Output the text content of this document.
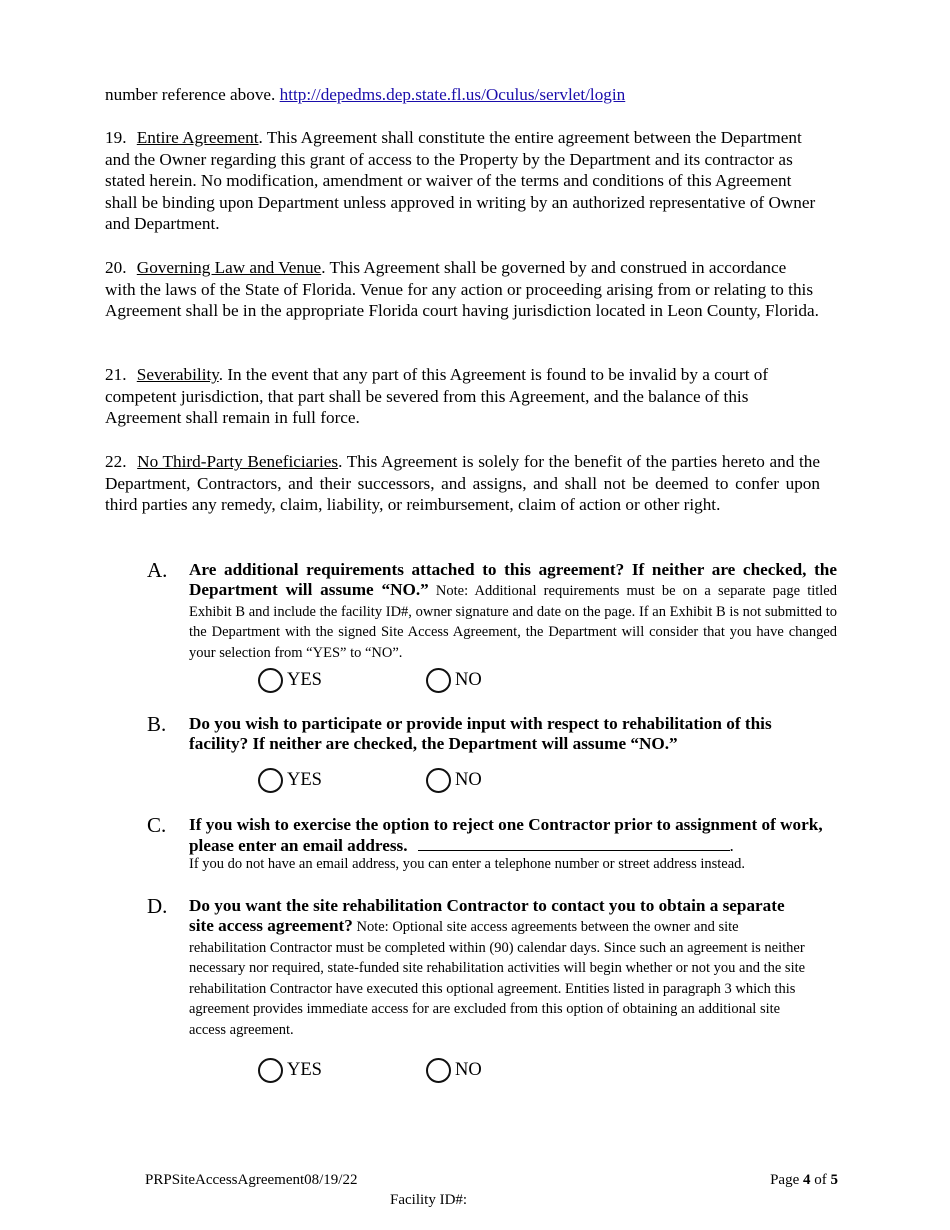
number reference above. http://depedms.dep.state.fl.us/Oculus/servlet/login
19. Entire Agreement. This Agreement shall constitute the entire agreement between the Department and the Owner regarding this grant of access to the Property by the Department and its contractor as stated herein. No modification, amendment or waiver of the terms and conditions of this Agreement shall be binding upon Department unless approved in writing by an authorized representative of Owner and Department.
20. Governing Law and Venue. This Agreement shall be governed by and construed in accordance with the laws of the State of Florida. Venue for any action or proceeding arising from or relating to this Agreement shall be in the appropriate Florida court having jurisdiction located in Leon County, Florida.
21. Severability. In the event that any part of this Agreement is found to be invalid by a court of competent jurisdiction, that part shall be severed from this Agreement, and the balance of this Agreement shall remain in full force.
22. No Third-Party Beneficiaries. This Agreement is solely for the benefit of the parties hereto and the Department, Contractors, and their successors, and assigns, and shall not be deemed to confer upon third parties any remedy, claim, liability, or reimbursement, claim of action or other right.
A. Are additional requirements attached to this agreement? If neither are checked, the Department will assume “NO.” Note: Additional requirements must be on a separate page titled Exhibit B and include the facility ID#, owner signature and date on the page. If an Exhibit B is not submitted to the Department with the signed Site Access Agreement, the Department will consider that you have changed your selection from “YES” to “NO”.
YES	NO
B. Do you wish to participate or provide input with respect to rehabilitation of this facility? If neither are checked, the Department will assume “NO.”
YES	NO
C. If you wish to exercise the option to reject one Contractor prior to assignment of work, please enter an email address.	.
If you do not have an email address, you can enter a telephone number or street address instead.
D. Do you want the site rehabilitation Contractor to contact you to obtain a separate site access agreement? Note: Optional site access agreements between the owner and site rehabilitation Contractor must be completed within (90) calendar days. Since such an agreement is neither necessary nor required, state-funded site rehabilitation activities will begin whether or not you and the site rehabilitation Contractor have executed this optional agreement. Entities listed in paragraph 3 which this agreement provides immediate access for are excluded from this option of obtaining an additional site access agreement.
YES	NO
PRPSiteAccessAgreement08/19/22	Page 4 of 5
Facility ID#:
